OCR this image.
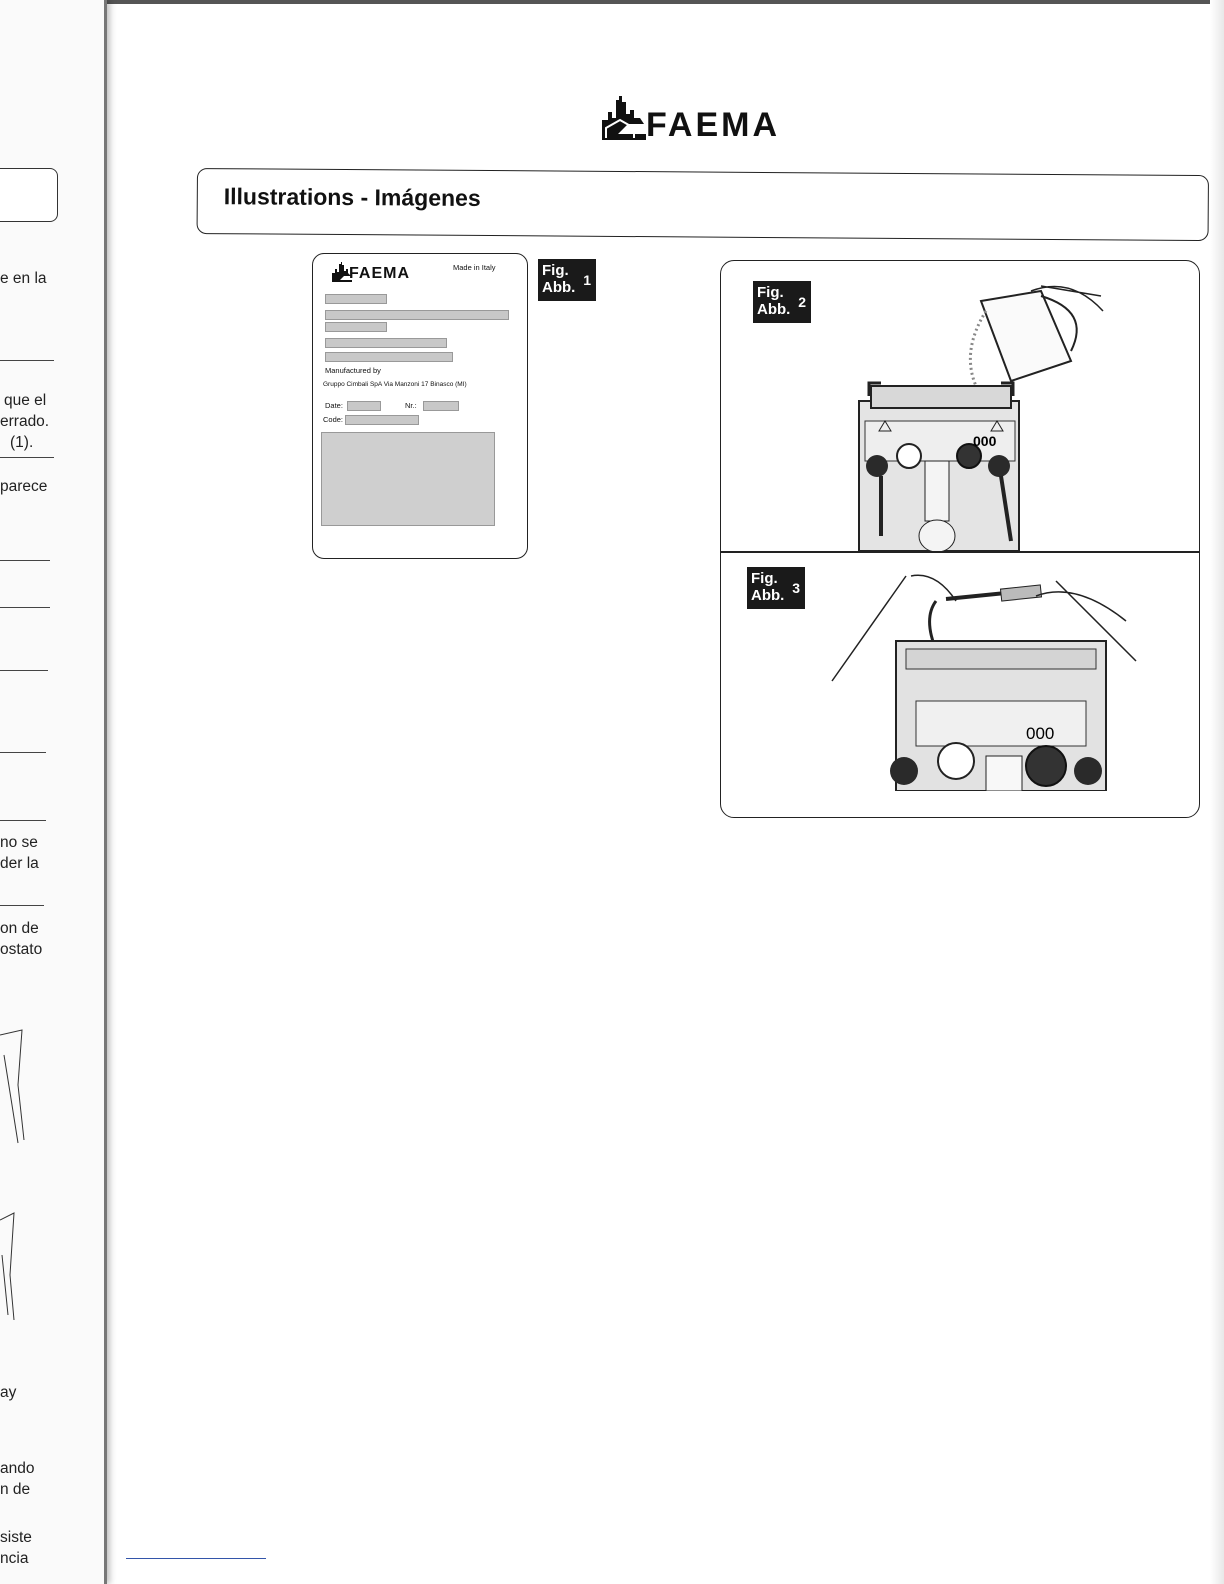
e en la
que el
errado.
(1).
parece
no se
der la
on de
ostato
ay
ando
n de
siste
ncia
FAEMA
Illustrations - Imágenes
FAEMA	Made in Italy
Manufactured by
Gruppo Cimbali SpA Via Manzoni 17 Binasco (MI)
Date:	Nr.:
Code:
Fig.
Abb. 1
Fig.
Abb. 2
000
Fig.
Abb. 3
000
